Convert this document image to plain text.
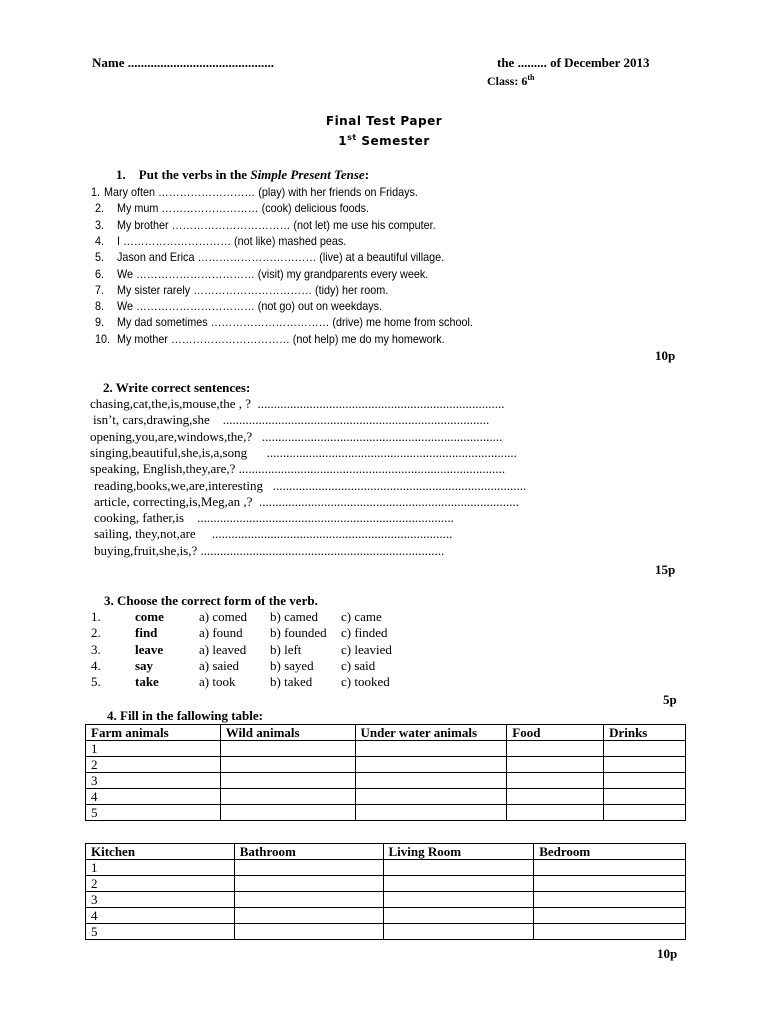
Name .............................................	the ......... of December 2013
Class: 6th
Final Test Paper
1st Semester
1.    Put the verbs in the Simple Present Tense:
1. Mary often ……………………… (play) with her friends on Fridays.
2. My mum ……………………… (cook) delicious foods.
3. My brother …………………………… (not let) me use his computer.
4. I ………………………… (not like) mashed peas.
5. Jason and Erica …………………………… (live) at a beautiful village.
6. We …………………………… (visit) my grandparents every week.
7. My sister rarely …………………………… (tidy) her room.
8. We …………………………… (not go) out on weekdays.
9. My dad sometimes …………………………… (drive) me home from school.
10. My mother …………………………… (not help) me do my homework.
10p
2. Write correct sentences:
chasing,cat,the,is,mouse,the , ?  ............................................................................
isn’t, cars,drawing,she    ..................................................................................
opening,you,are,windows,the,?   ..........................................................................
singing,beautiful,she,is,a,song      .............................................................................
speaking, English,they,are,? ..................................................................................
reading,books,we,are,interesting   ..............................................................................
article, correcting,is,Meg,an ,?  ................................................................................
cooking, father,is    ...............................................................................
sailing, they,not,are     ..........................................................................
buying,fruit,she,is,? ...........................................................................
15p
3. Choose the correct form of the verb.
1.	come	a) comed b) camed c) came
2.	find	a) found b) founded c) finded
3.	leave	a) leaved b) left	c) leavied
4.	say	a) saied b) sayed c) said
5.	take	a) took	b) taked c) tooked
5p
4. Fill in the fallowing table:
Farm animals	Wild animals	Under water animals	Food	Drinks
1				
2				
3				
4				
5				
Kitchen	Bathroom	Living Room	Bedroom
1			
2			
3			
4			
5			
10p
